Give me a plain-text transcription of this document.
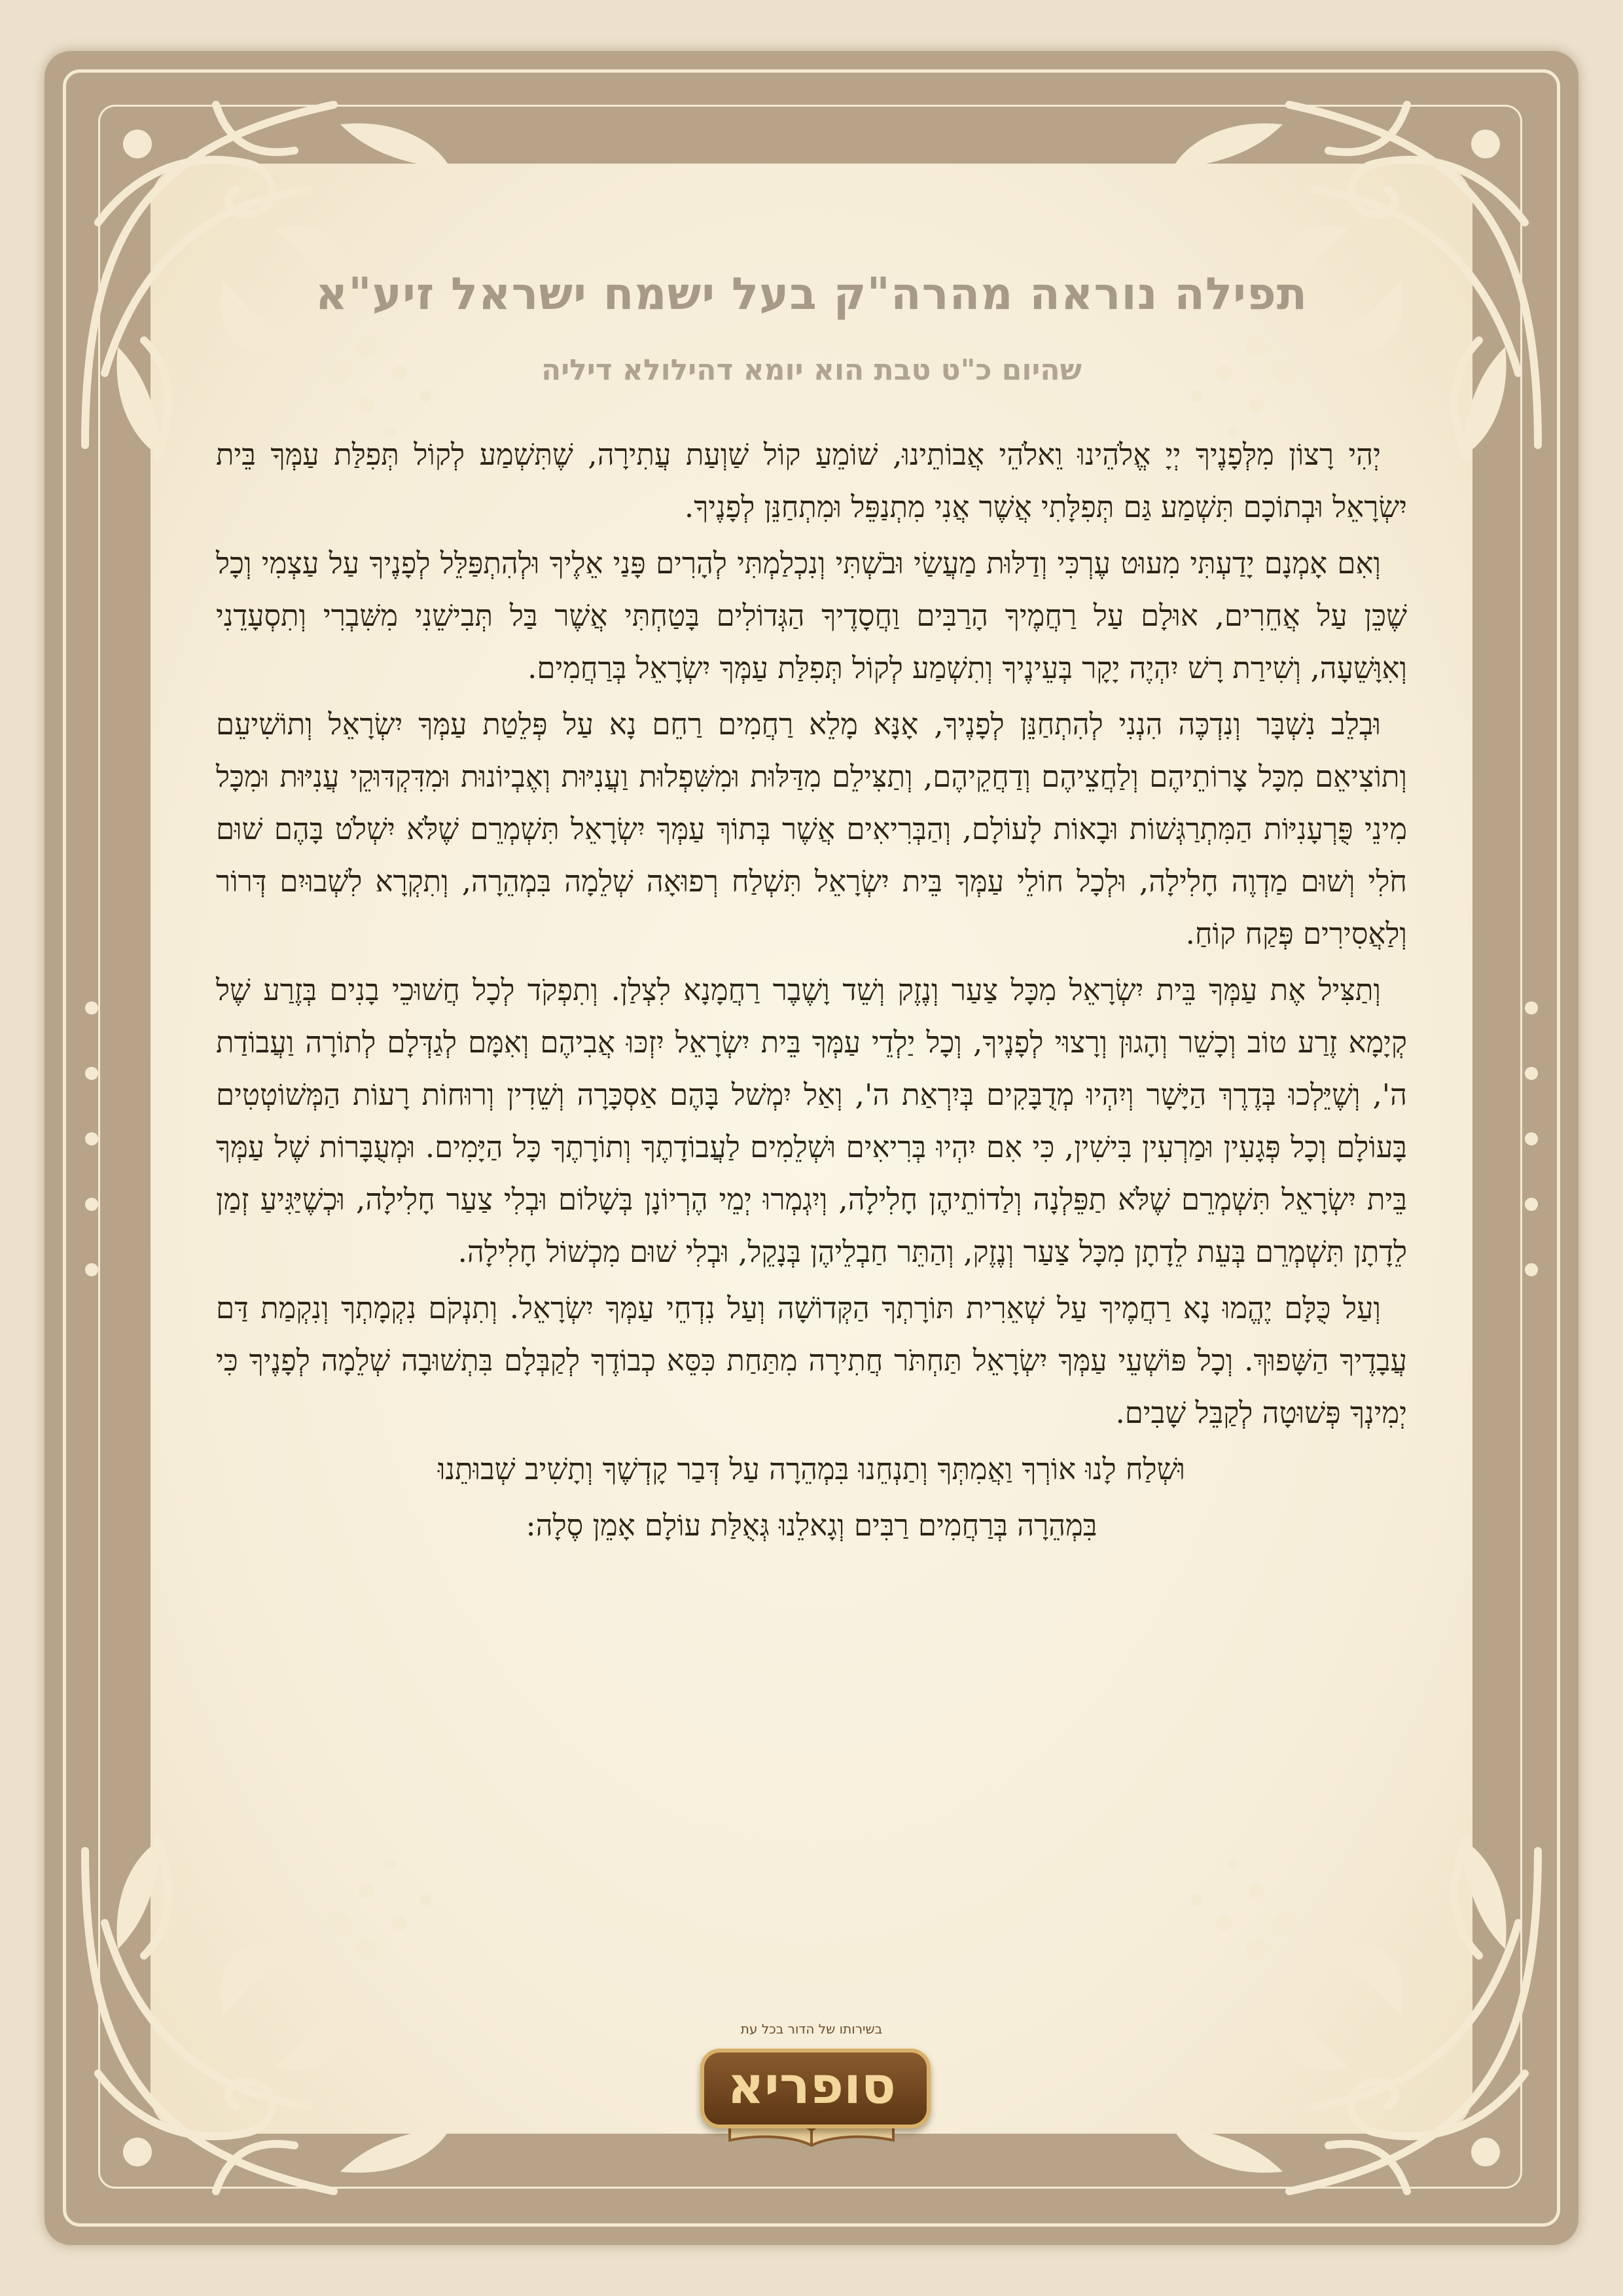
תפילה נוראה מהרה"ק בעל ישמח ישראל זיע"א
שהיום כ"ט טבת הוא יומא דהילולא דיליה

יְהִי רָצוֹן מִלְּפָנֶיךָ יְיָ אֱלֹהֵינוּ וֵאלֹהֵי אֲבוֹתֵינוּ, שׁוֹמֵעַ קוֹל שַׁוְעַת עֲתִירָה, שֶׁתִּשְׁמַע לְקוֹל תְּפִלַּת עַמְּךָ בֵּית יִשְׂרָאֵל וּבְתוֹכָם תִּשְׁמַע גַּם תְּפִלָּתִי אֲשֶׁר אֲנִי מִתְנַפֵּל וּמִתְחַנֵּן לְפָנֶיךָ.

וְאִם אָמְנָם יָדַעְתִּי מִעוּט עֶרְכִּי וְדַלּוּת מַעֲשַׂי וּבֹשְׁתִּי וְנִכְלַמְתִּי לְהָרִים פָּנַי אֵלֶיךָ וּלְהִתְפַּלֵּל לְפָנֶיךָ עַל עַצְמִי וְכָל שֶׁכֵּן עַל אֲחֵרִים, אוּלָם עַל רַחֲמֶיךָ הָרַבִּים וַחֲסָדֶיךָ הַגְּדוֹלִים בָּטַחְתִּי אֲשֶׁר בַּל תְּבִישֵׁנִי מִשִּׁבְרִי וְתִסְעָדֵנִי וְאִוָּשֵׁעָה, וְשִׁירַת רָשׁ יִהְיֶה יָקָר בְּעֵינֶיךָ וְתִשְׁמַע לְקוֹל תְּפִלַּת עַמְּךָ יִשְׂרָאֵל בְּרַחֲמִים.

וּבְלֵב נִשְׁבָּר וְנִדְכֶּה הִנְנִי לְהִתְחַנֵּן לְפָנֶיךָ, אָנָּא מָלֵא רַחֲמִים רַחֵם נָא עַל פְּלֵטַת עַמְּךָ יִשְׂרָאֵל וְתוֹשִׁיעֵם וְתוֹצִיאֵם מִכָּל צָרוֹתֵיהֶם וְלַחֲצֵיהֶם וְדַחֲקֵיהֶם, וְתַצִּילֵם מִדַּלּוּת וּמִשִּׁפְלוּת וַעֲנִיּוּת וְאֶבְיוֹנוּת וּמִדִּקְדּוּקֵי עֲנִיּוּת וּמִכָּל מִינֵי פֻּרְעָנִיּוֹת הַמִּתְרַגְּשׁוֹת וּבָאוֹת לָעוֹלָם, וְהַבְּרִיאִים אֲשֶׁר בְּתוֹךְ עַמְּךָ יִשְׂרָאֵל תִּשְׁמְרֵם שֶׁלֹּא יִשְׁלֹט בָּהֶם שׁוּם חֹלִי וְשׁוּם מַדְוֶה חָלִילָה, וּלְכָל חוֹלֵי עַמְּךָ בֵּית יִשְׂרָאֵל תִּשְׁלַח רְפוּאָה שְׁלֵמָה בִּמְהֵרָה, וְתִקְרָא לִשְׁבוּיִם דְּרוֹר וְלַאֲסִירִים פְּקַח קוֹחַ.

וְתַצִּיל אֶת עַמְּךָ בֵּית יִשְׂרָאֵל מִכָּל צַעַר וְנֶזֶק וְשֵׁד וָשֶׁבֶר רַחֲמָנָא לִצְלַן. וְתִפְקֹד לְכָל חֲשׁוּכֵי בָנִים בְּזֶרַע שֶׁל קְיָמָא זֶרַע טוֹב וְכָשֵׁר וְהָגוּן וְרָצוּי לְפָנֶיךָ, וְכָל יַלְדֵי עַמְּךָ בֵּית יִשְׂרָאֵל יִזְכּוּ אֲבִיהֶם וְאִמָּם לְגַדְּלָם לְתוֹרָה וַעֲבוֹדַת ה', וְשֶׁיֵּלְכוּ בְּדֶרֶךְ הַיָּשָׁר וְיִהְיוּ מְדֻבָּקִים בְּיִרְאַת ה', וְאַל יִמְשׁל בָּהֶם אַסְכָּרָה וְשֵׁדִין וְרוּחוֹת רָעוֹת הַמְּשׁוֹטְטִים בָּעוֹלָם וְכָל פְּגָעִין וּמַרְעִין בִּישִׁין, כִּי אִם יִהְיוּ בְּרִיאִים וּשְׁלֵמִים לַעֲבוֹדָתֶךָ וְתוֹרָתֶךָ כָּל הַיָּמִים. וּמְעֻבָּרוֹת שֶׁל עַמְּךָ בֵּית יִשְׂרָאֵל תִּשְׁמְרֵם שֶׁלֹּא תַפֵּלְנָה וְלַדוֹתֵיהֶן חָלִילָה, וְיִגְמְרוּ יְמֵי הֶרְיוֹנָן בְּשָׁלוֹם וּבְלִי צַעַר חָלִילָה, וּכְשֶׁיַּגִּיעַ זְמַן לֵדָתָן תִּשְׁמְרֵם בְּעֵת לֵדָתָן מִכָּל צַעַר וְנֶזֶק, וְהַתֵּר חַבְלֵיהֶן בְּנָקֵל, וּבְלִי שׁוּם מִכְשׁוֹל חָלִילָה.

וְעַל כֻּלָּם יֶהֱמוּ נָא רַחֲמֶיךָ עַל שְׁאֵרִית תּוֹרָתְךָ הַקְּדוֹשָׁה וְעַל נִדְחֵי עַמְּךָ יִשְׂרָאֵל. וְתִנְקֹם נִקְמָתְךָ וְנִקְמַת דַּם עֲבָדֶיךָ הַשָּׁפוּךְ. וְכָל פּוֹשְׁעֵי עַמְּךָ יִשְׂרָאֵל תַּחְתֹּר חֲתִירָה מִתַּחַת כִּסֵּא כְבוֹדֶךָ לְקַבְּלָם בִּתְשׁוּבָה שְׁלֵמָה לְפָנֶיךָ כִּי יְמִינְךָ פְּשׁוּטָה לְקַבֵּל שָׁבִים.

וּשְׁלַח לָנוּ אוֹרְךָ וַאֲמִתְּךָ וְתַנְחֵנוּ בִּמְהֵרָה עַל דְּבַר קָדְשֶׁךָ וְתָשִׁיב שְׁבוּתֵנוּ

בִּמְהֵרָה בְּרַחֲמִים רַבִּים וְגָאלֵנוּ גְּאֻלַּת עוֹלָם אָמֵן סֶלָה:

סופריא
בשירותו של הדור בכל עת
